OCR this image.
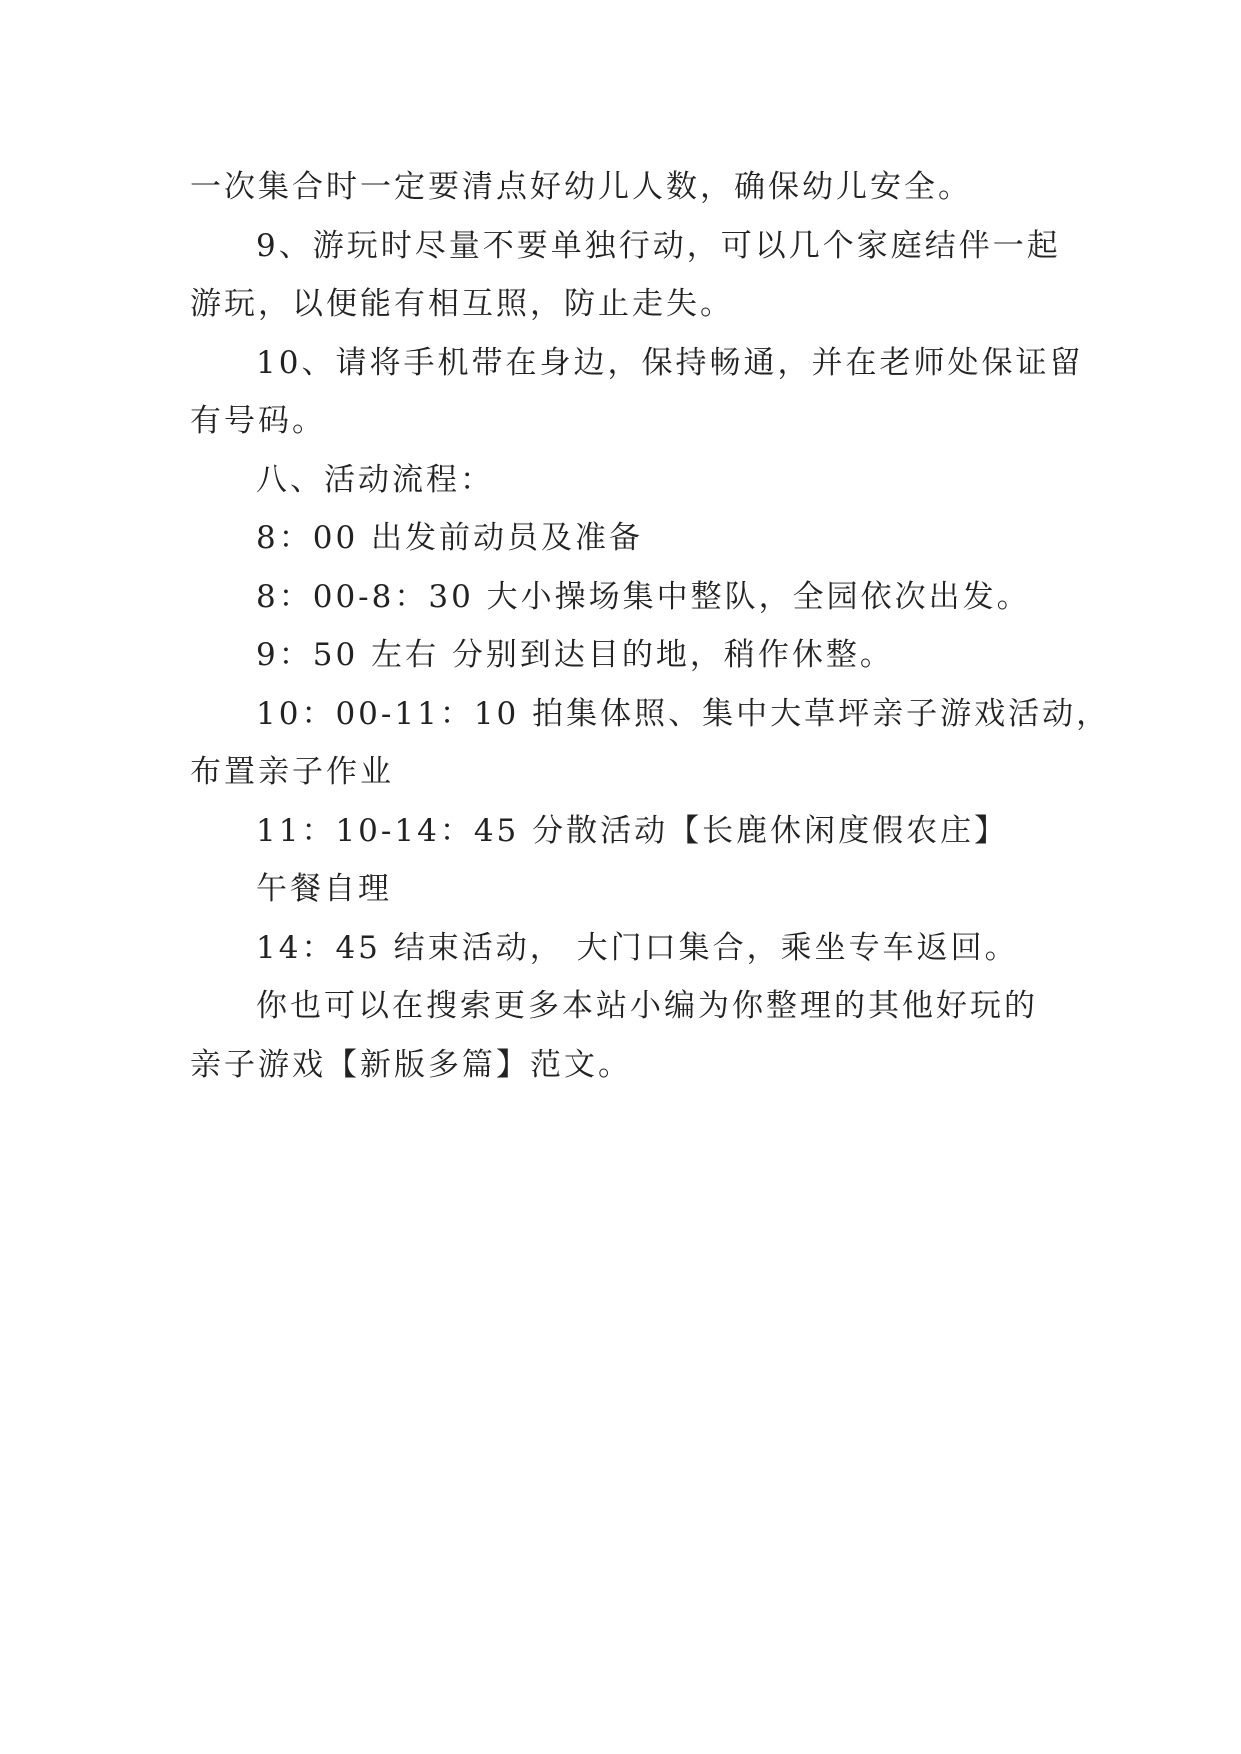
一次集合时一定要清点好幼儿人数，确保幼儿安全。
9、游玩时尽量不要单独行动，可以几个家庭结伴一起
游玩，以便能有相互照，防止走失。
10、请将手机带在身边，保持畅通，并在老师处保证留
有号码。
八、活动流程：
8：00 出发前动员及准备
8：00-8：30 大小操场集中整队，全园依次出发。
9：50 左右 分别到达目的地，稍作休整。
10：00-11：10 拍集体照、集中大草坪亲子游戏活动，
布置亲子作业
11：10-14：45 分散活动【长鹿休闲度假农庄】
午餐自理
14：45 结束活动， 大门口集合，乘坐专车返回。
你也可以在搜索更多本站小编为你整理的其他好玩的
亲子游戏【新版多篇】范文。
